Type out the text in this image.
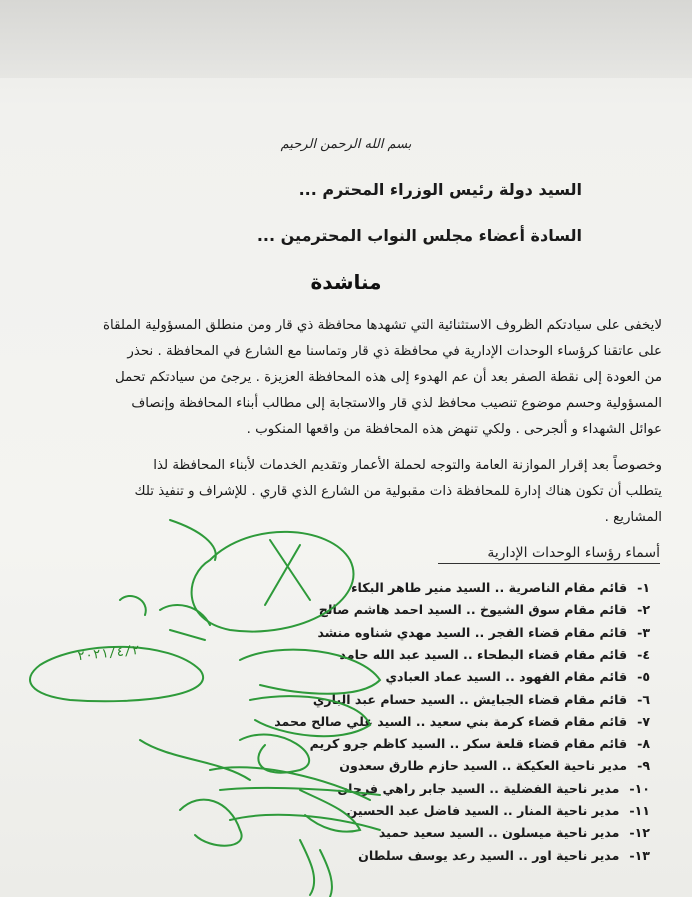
بسم الله الرحمن الرحيم
السيد دولة رئيس الوزراء المحترم ...
السادة أعضاء مجلس النواب المحترمين ...
مناشدة
لايخفى على سيادتكم الظروف الاستثنائية التي تشهدها محافظة ذي قار ومن منطلق المسؤولية الملقاة
على عاتقنا كرؤساء الوحدات الإدارية في محافظة ذي قار وتماسنا مع الشارع في المحافظة . نحذر
من العودة إلى نقطة الصفر بعد أن عم الهدوء إلى هذه المحافظة العزيزة . يرجئ من سيادتكم تحمل
المسؤولية وحسم موضوع تنصيب محافظ لذي قار والاستجابة إلى مطالب أبناء المحافظة وإنصاف
عوائل الشهداء و ألجرحى . ولكي تنهض هذه المحافظة من واقعها المنكوب .
وخصوصاً بعد إقرار الموازنة العامة والتوجه لحملة الأعمار وتقديم الخدمات لأبناء المحافظة لذا
يتطلب أن تكون هناك إدارة للمحافظة ذات مقبولية من الشارع الذي قاري . للإشراف و تنفيذ تلك
المشاريع .
أسماء رؤساء الوحدات الإدارية
١-قائم مقام الناصرية .. السيد منير طاهر البكاء
٢-قائم مقام سوق الشيوخ .. السيد احمد هاشم صالح
٣-قائم مقام قضاء الفجر .. السيد مهدي شناوه منشد
٤-قائم مقام قضاء البطحاء .. السيد عبد الله حامد
٥-قائم مقام الفهود .. السيد عماد العبادي
٦-قائم مقام قضاء الجبايش .. السيد حسام عبد الباري
٧-قائم مقام قضاء كرمة بني سعيد .. السيد علي صالح محمد
٨-قائم مقام قضاء قلعة سكر .. السيد كاظم جرو كريم
٩-مدير ناحية العكيكة .. السيد حازم طارق سعدون
١٠-مدير ناحية الفضلية .. السيد جابر راهي فرحان
١١-مدير ناحية المنار .. السيد فاضل عبد الحسين
١٢-مدير ناحية ميسلون .. السيد سعيد حميد
١٣-مدير ناحية اور .. السيد رعد يوسف سلطان
٢٠٢١/٤/٢
